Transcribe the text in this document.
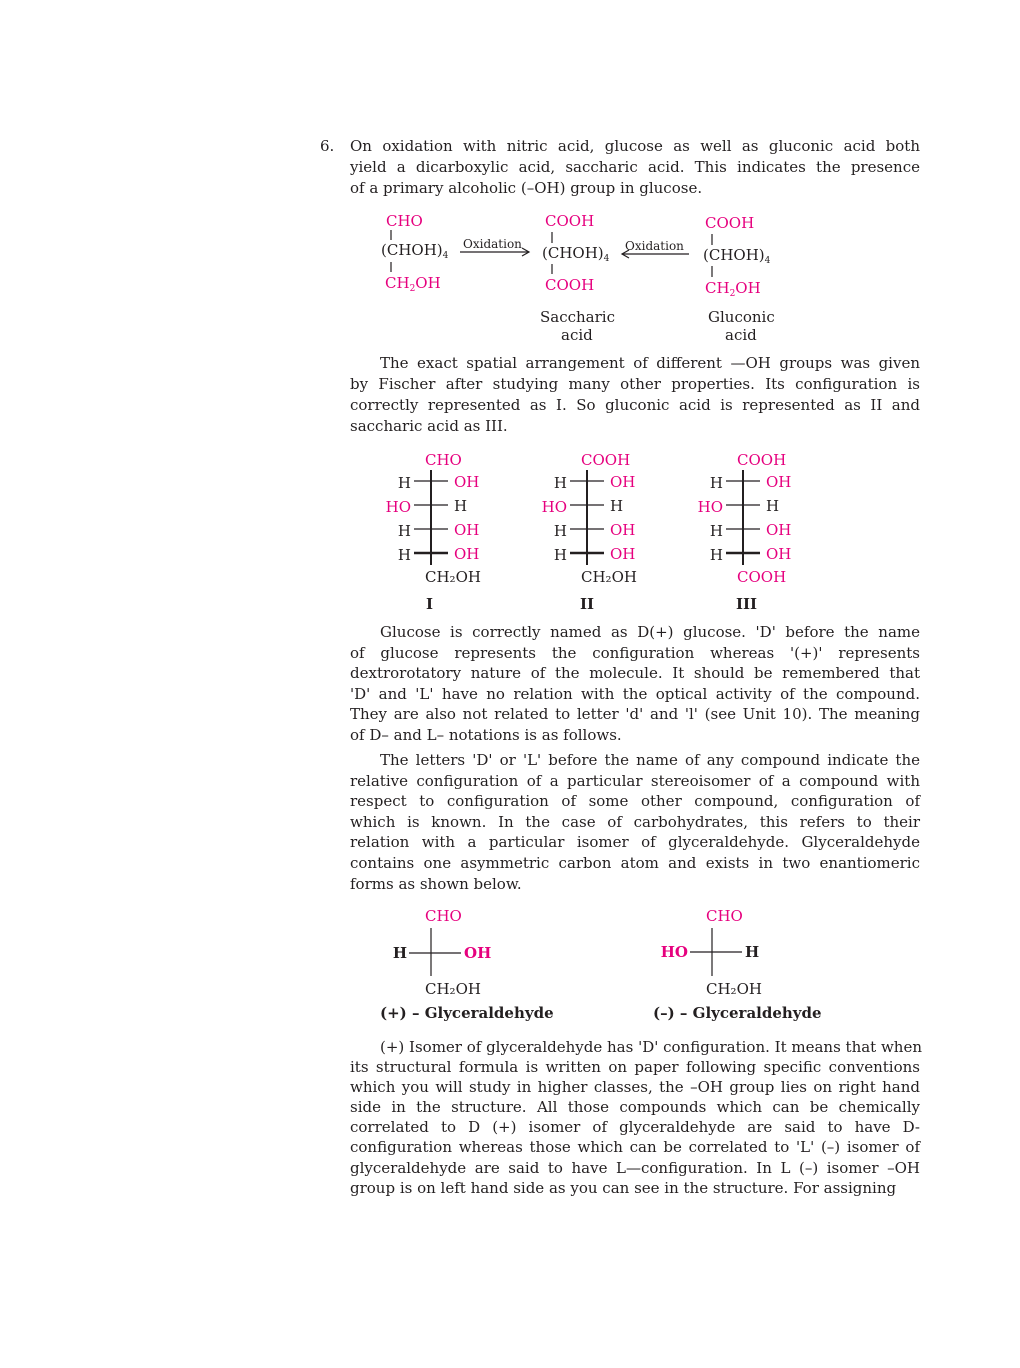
6. On oxidation with nitric acid, glucose as well as gluconic acid both
yield a dicarboxylic acid, saccharic acid. This indicates the presence
of a primary alcoholic (–OH) group in glucose.
The exact spatial arrangement of different —OH groups was given
by Fischer after studying many other properties. Its configuration is
correctly represented as I. So gluconic acid is represented as II and
saccharic acid as III.
Glucose is correctly named as D(+) glucose. 'D' before the name
of glucose represents the configuration whereas '(+)' represents
dextrorotatory nature of the molecule. It should be remembered that
'D' and 'L' have no relation with the optical activity of the compound.
They are also not related to letter 'd' and 'l' (see Unit 10). The meaning
of D– and L– notations is as follows.
The letters 'D' or 'L' before the name of any compound indicate the
relative configuration of a particular stereoisomer of a compound with
respect to configuration of some other compound, configuration of
which is known. In the case of carbohydrates, this refers to their
relation with a particular isomer of glyceraldehyde. Glyceraldehyde
contains one asymmetric carbon atom and exists in two enantiomeric
forms as shown below.
(+) Isomer of glyceraldehyde has 'D' configuration. It means that when
its structural formula is written on paper following specific conventions
which you will study in higher classes, the –OH group lies on right hand
side in the structure. All those compounds which can be chemically
correlated to D (+) isomer of glyceraldehyde are said to have D-
configuration whereas those which can be correlated to 'L' (–) isomer of
glyceraldehyde are said to have L—configuration. In L (–) isomer –OH
group is on left hand side as you can see in the structure. For assigning
CHO
$(CHOH)_4$
$CH_2OH$
Oxidation
COOH
$(CHOH)_4$
COOH
Saccharic
acid
Oxidation
COOH
$(CHOH)_4$
$CH_2OH$
Gluconic
acid
CHO
H
HO
H
H
OH
H
OH
OH
CH₂OH
I
COOH
H
HO
H
H
OH
H
OH
OH
CH₂OH
II
COOH
H
HO
H
H
OH
H
OH
OH
COOH
III
CHO
H	OH
CH₂OH
(+) – Glyceraldehyde
CHO
HO	H
CH₂OH
(–) – Glyceraldehyde
